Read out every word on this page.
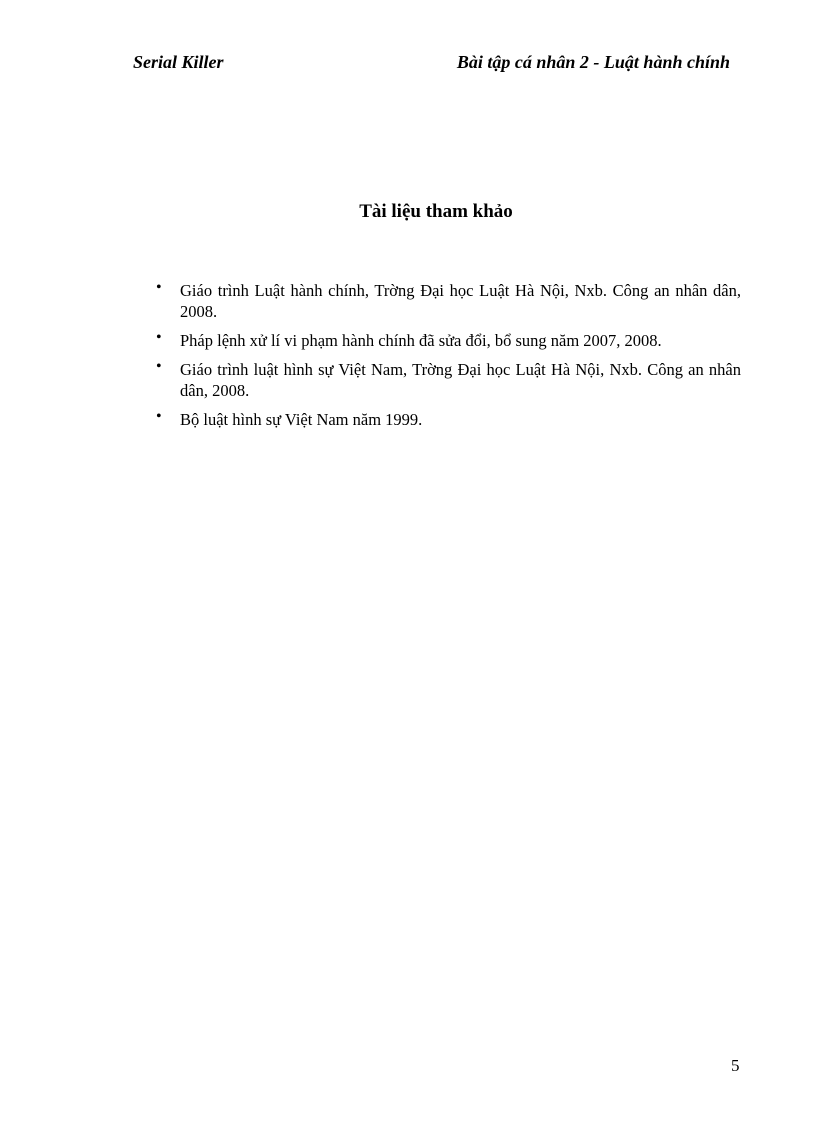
Serial Killer	Bài tập cá nhân 2 - Luật hành chính
Tài liệu tham khảo
• Giáo trình Luật hành chính, Trờng Đại học Luật Hà Nội, Nxb. Công an nhân dân, 2008.
• Pháp lệnh xử lí vi phạm hành chính đã sửa đổi, bổ sung năm 2007, 2008.
• Giáo trình luật hình sự Việt Nam, Trờng Đại học Luật Hà Nội, Nxb. Công an nhân dân, 2008.
• Bộ luật hình sự Việt Nam năm 1999.
5
